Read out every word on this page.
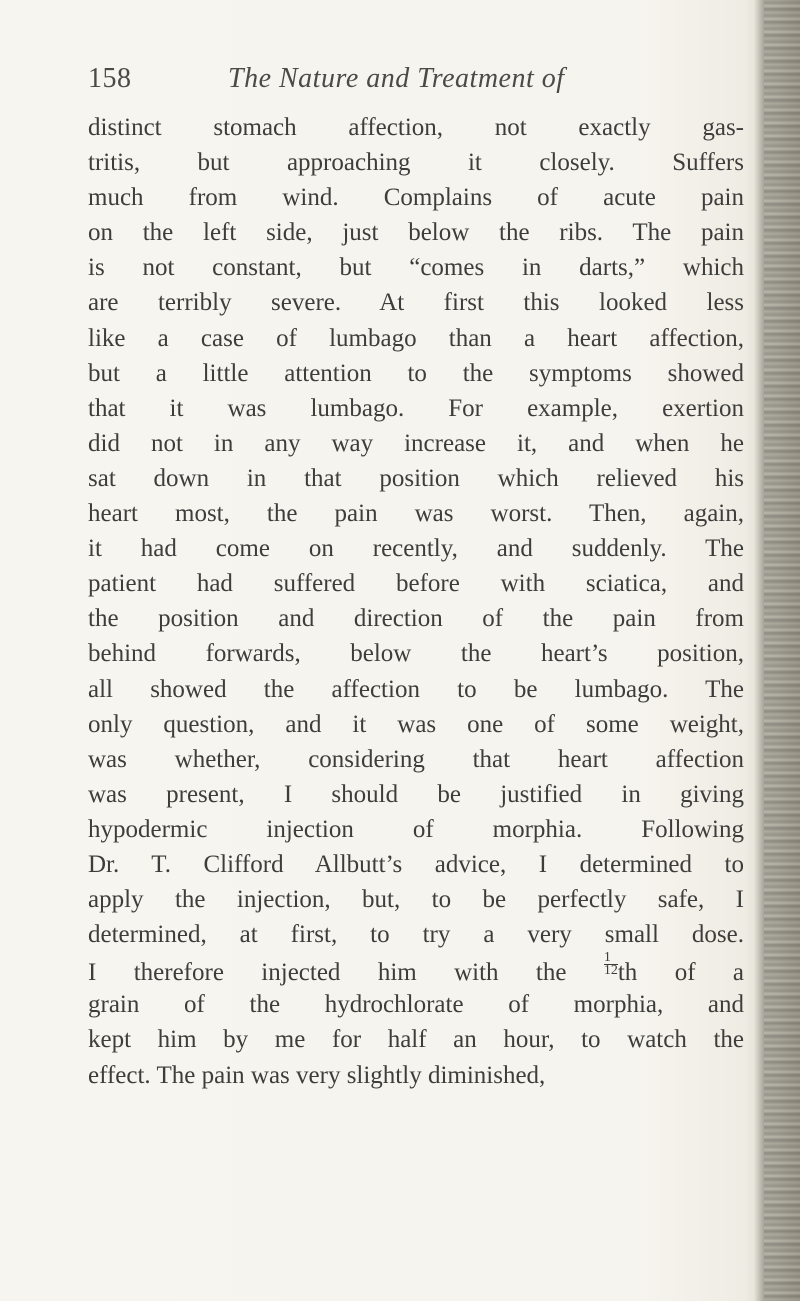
158	The Nature and Treatment of
distinct stomach affection, not exactly gas-
tritis, but approaching it closely. Suffers
much from wind. Complains of acute pain
on the left side, just below the ribs. The pain
is not constant, but “comes in darts,” which
are terribly severe. At first this looked less
like a case of lumbago than a heart affection,
but a little attention to the symptoms showed
that it was lumbago. For example, exertion
did not in any way increase it, and when he
sat down in that position which relieved his
heart most, the pain was worst. Then, again,
it had come on recently, and suddenly. The
patient had suffered before with sciatica, and
the position and direction of the pain from
behind forwards, below the heart’s position,
all showed the affection to be lumbago. The
only question, and it was one of some weight,
was whether, considering that heart affection
was present, I should be justified in giving
hypodermic injection of morphia. Following
Dr. T. Clifford Allbutt’s advice, I determined to
apply the injection, but, to be perfectly safe, I
determined, at first, to try a very small dose.
I therefore injected him with the	$\frac{1}{12}$ th of a
grain of the hydrochlorate of morphia, and
kept him by me for half an hour, to watch the
effect. The pain was very slightly diminished,
